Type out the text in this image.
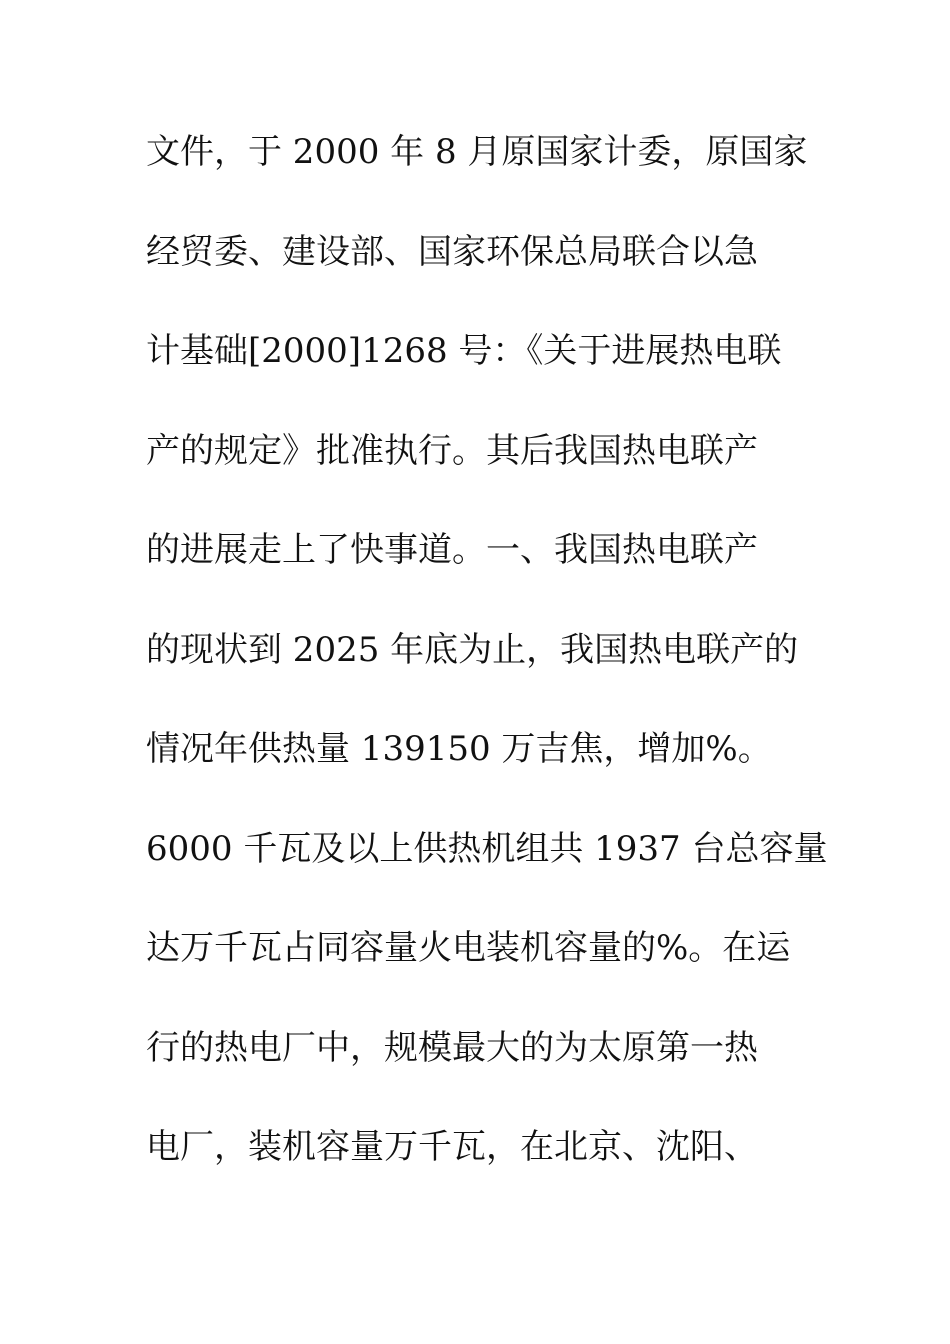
文件，于 2000 年 8 月原国家计委，原国家
经贸委、建设部、国家环保总局联合以急
计基础[2000]1268 号：《关于进展热电联
产的规定》批准执行。其后我国热电联产
的进展走上了快事道。一、我国热电联产
的现状到 2025 年底为止，我国热电联产的
情况年供热量 139150 万吉焦，增加%。
6000 千瓦及以上供热机组共 1937 台总容量
达万千瓦占同容量火电装机容量的%。在运
行的热电厂中，规模最大的为太原第一热
电厂，装机容量万千瓦，在北京、沈阳、
